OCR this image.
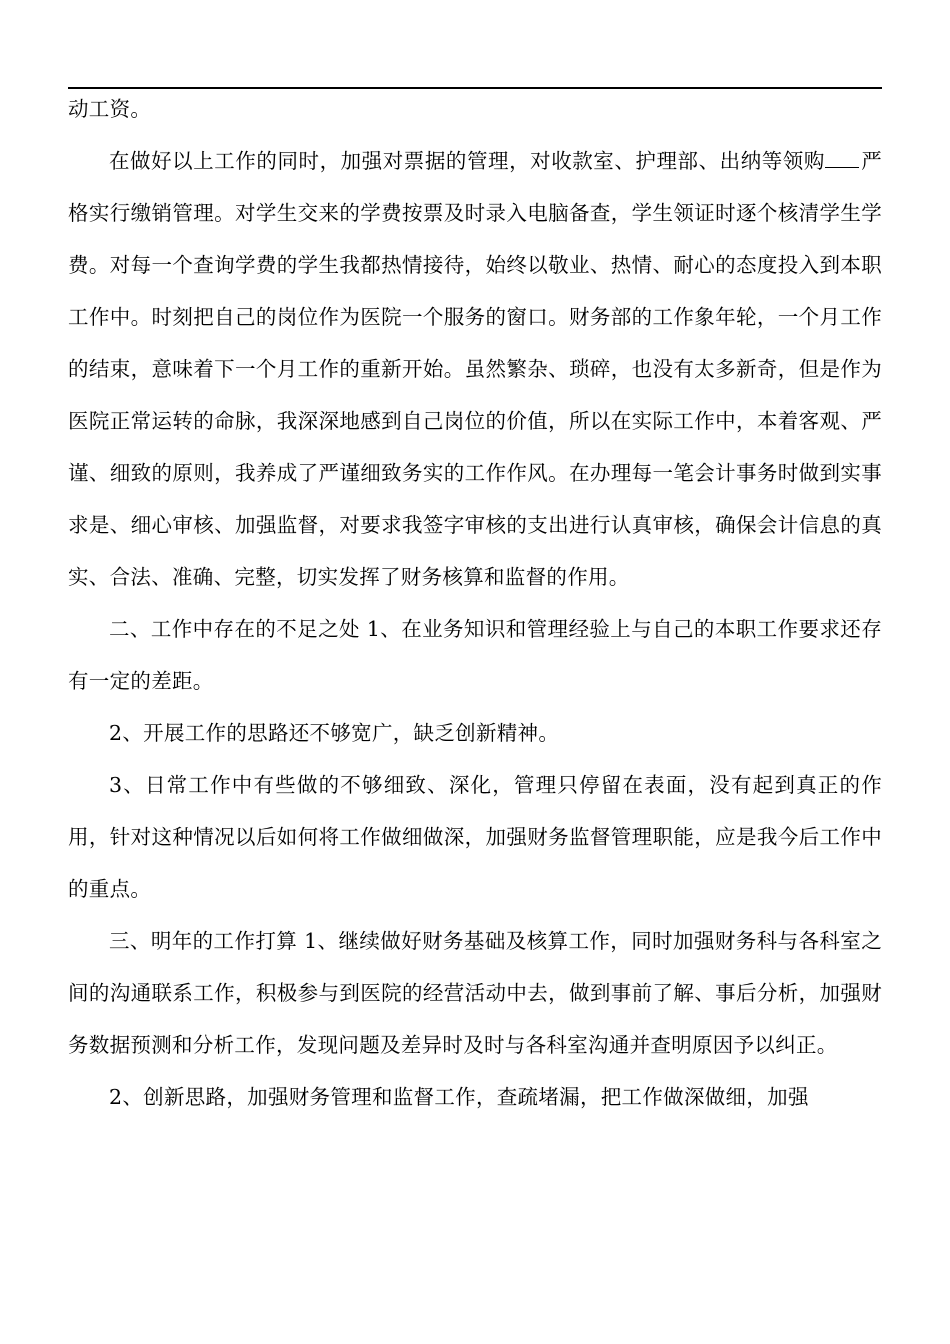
动工资。

在做好以上工作的同时，加强对票据的管理，对收款室、护理部、出纳等领购 严格实行缴销管理。对学生交来的学费按票及时录入电脑备查，学生领证时逐个核清学生学费。对每一个查询学费的学生我都热情接待，始终以敬业、热情、耐心的态度投入到本职工作中。时刻把自己的岗位作为医院一个服务的窗口。财务部的工作象年轮，一个月工作的结束，意味着下一个月工作的重新开始。虽然繁杂、琐碎，也没有太多新奇，但是作为医院正常运转的命脉，我深深地感到自己岗位的价值，所以在实际工作中，本着客观、严谨、细致的原则，我养成了严谨细致务实的工作作风。在办理每一笔会计事务时做到实事求是、细心审核、加强监督，对要求我签字审核的支出进行认真审核，确保会计信息的真实、合法、准确、完整，切实发挥了财务核算和监督的作用。

二、工作中存在的不足之处 1、在业务知识和管理经验上与自己的本职工作要求还存有一定的差距。

2、开展工作的思路还不够宽广，缺乏创新精神。

3、日常工作中有些做的不够细致、深化，管理只停留在表面，没有起到真正的作用，针对这种情况以后如何将工作做细做深，加强财务监督管理职能，应是我今后工作中的重点。

三、明年的工作打算 1、继续做好财务基础及核算工作，同时加强财务科与各科室之间的沟通联系工作，积极参与到医院的经营活动中去，做到事前了解、事后分析，加强财务数据预测和分析工作，发现问题及差异时及时与各科室沟通并查明原因予以纠正。

2、创新思路，加强财务管理和监督工作，查疏堵漏，把工作做深做细，加强
